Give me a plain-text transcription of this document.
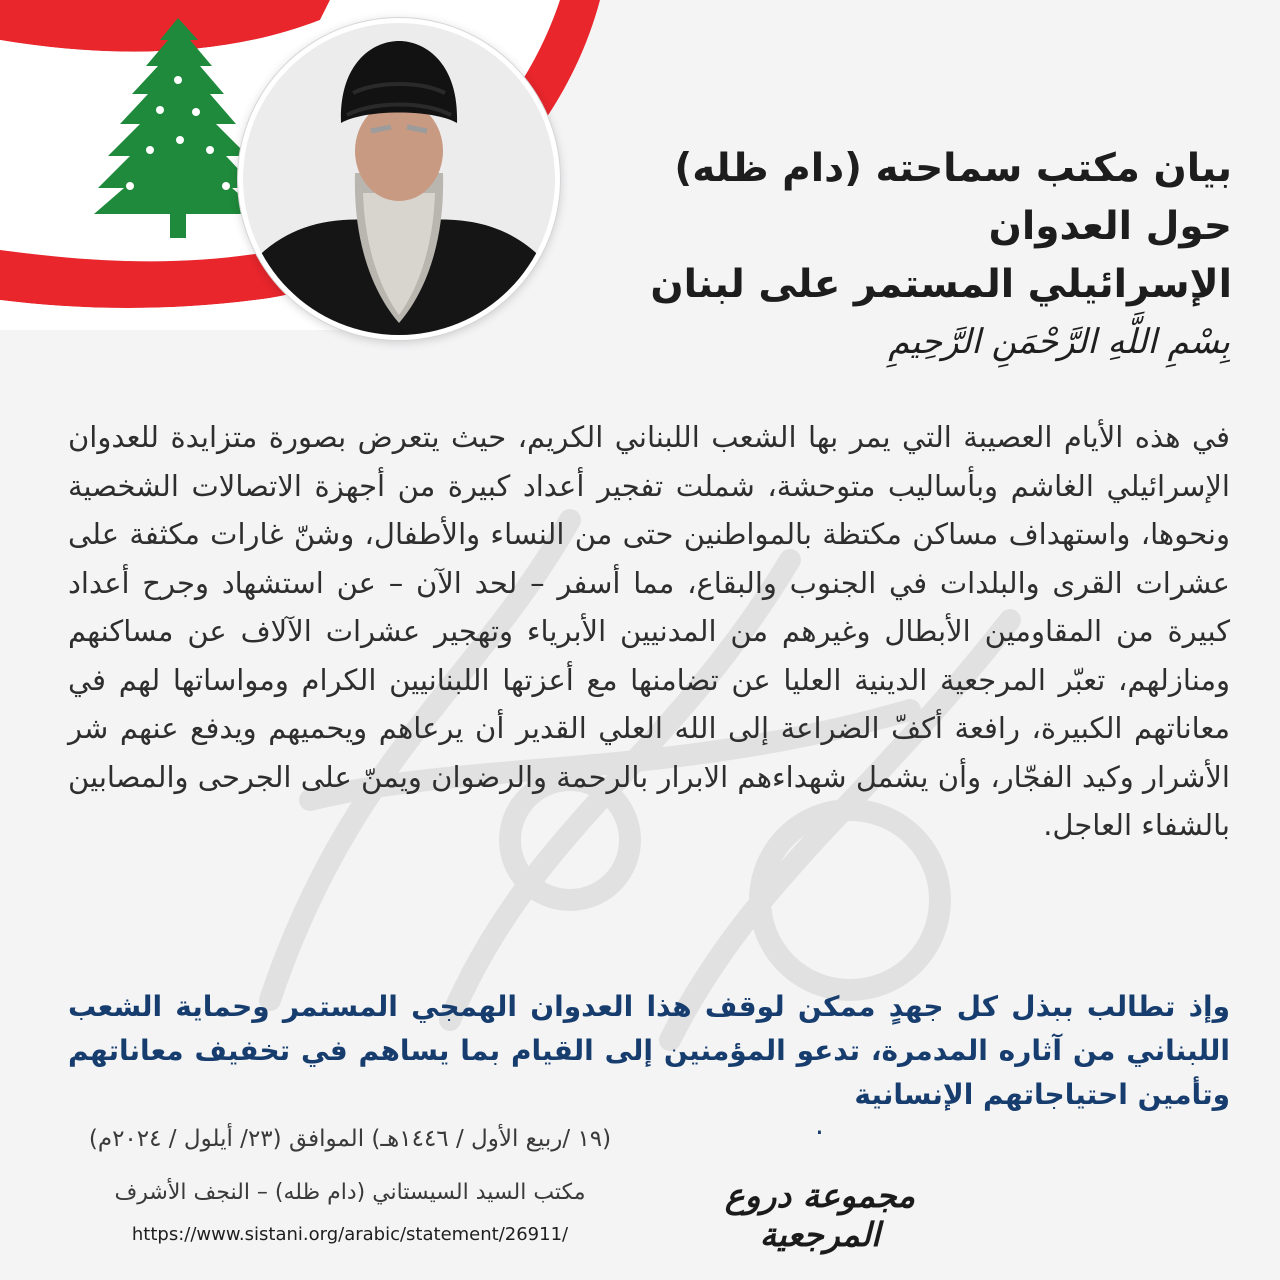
بيان مكتب سماحته (دام ظله) حول العدوان
الإسرائيلي المستمر على لبنان
بِسْمِ اللَّهِ الرَّحْمَنِ الرَّحِيمِ

في هذه الأيام العصيبة التي يمر بها الشعب اللبناني الكريم، حيث يتعرض بصورة متزايدة للعدوان الإسرائيلي الغاشم وبأساليب متوحشة، شملت تفجير أعداد كبيرة من أجهزة الاتصالات الشخصية ونحوها، واستهداف مساكن مكتظة بالمواطنين حتى من النساء والأطفال، وشنّ غارات مكثفة على عشرات القرى والبلدات في الجنوب والبقاع، مما أسفر – لحد الآن – عن استشهاد وجرح أعداد كبيرة من المقاومين الأبطال وغيرهم من المدنيين الأبرياء وتهجير عشرات الآلاف عن مساكنهم ومنازلهم، تعبّر المرجعية الدينية العليا عن تضامنها مع أعزتها اللبنانيين الكرام ومواساتها لهم في معاناتهم الكبيرة، رافعة أكفّ الضراعة إلى الله العلي القدير أن يرعاهم ويحميهم ويدفع عنهم شر الأشرار وكيد الفجّار، وأن يشمل شهداءهم الابرار بالرحمة والرضوان ويمنّ على الجرحى والمصابين بالشفاء العاجل.

وإذ تطالب ببذل كل جهدٍ ممكن لوقف هذا العدوان الهمجي المستمر وحماية الشعب اللبناني من آثاره المدمرة، تدعو المؤمنين إلى القيام بما يساهم في تخفيف معاناتهم وتأمين احتياجاتهم الإنسانية

.
(١٩ /ربيع الأول / ١٤٤٦هـ) الموافق (٢٣/ أيلول / ٢٠٢٤م)
مكتب السيد السيستاني (دام ظله) – النجف الأشرف
https://www.sistani.org/arabic/statement/26911/
مجموعة دروع المرجعية
